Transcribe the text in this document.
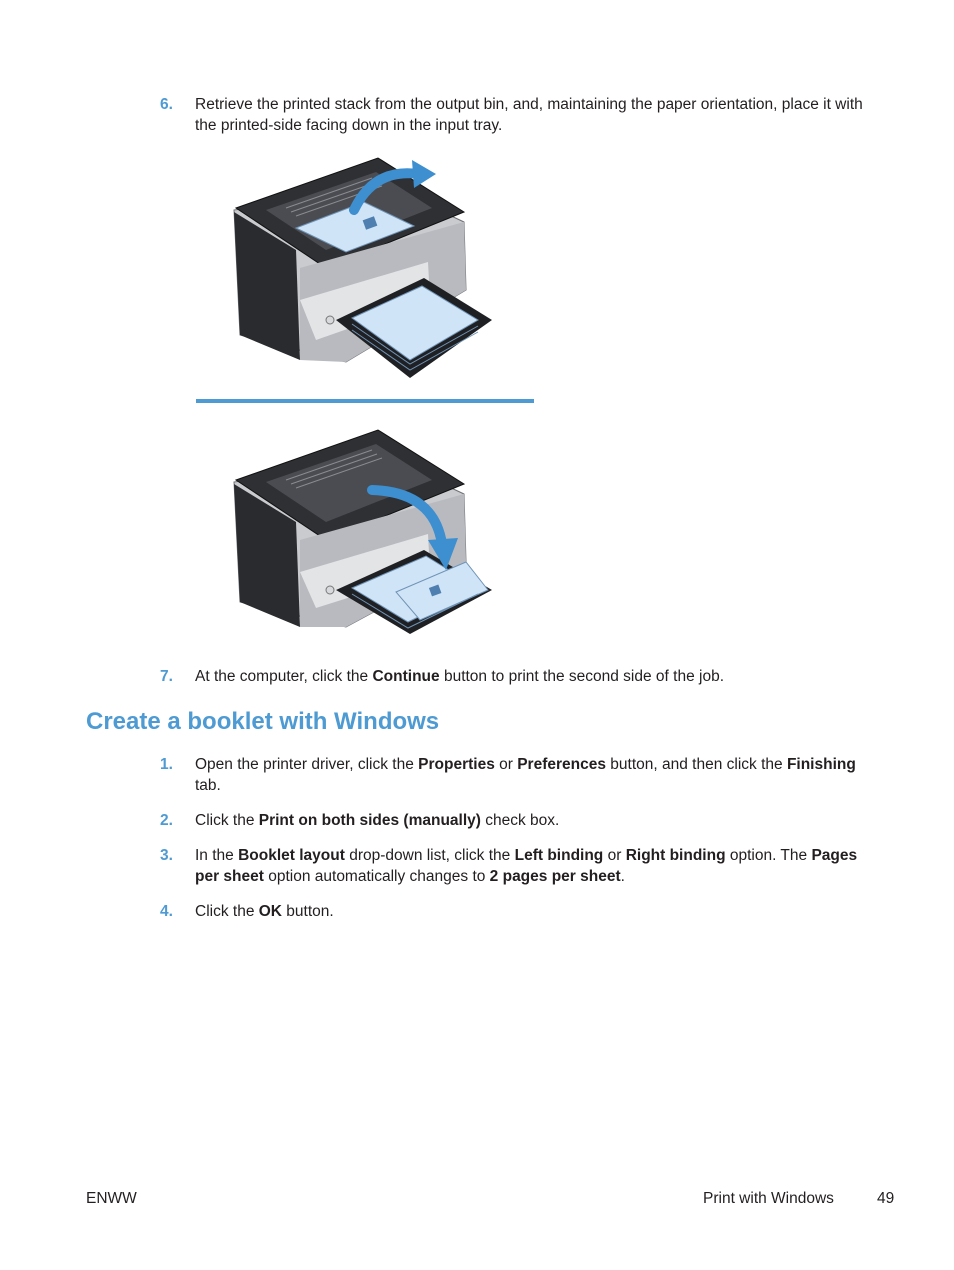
6. Retrieve the printed stack from the output bin, and, maintaining the paper orientation, place it with the printed-side facing down in the input tray.
7. At the computer, click the Continue button to print the second side of the job.
Create a booklet with Windows
1. Open the printer driver, click the Properties or Preferences button, and then click the Finishing tab.
2. Click the Print on both sides (manually) check box.
3. In the Booklet layout drop-down list, click the Left binding or Right binding option. The Pages per sheet option automatically changes to 2 pages per sheet.
4. Click the OK button.
ENWW	Print with Windows	49
